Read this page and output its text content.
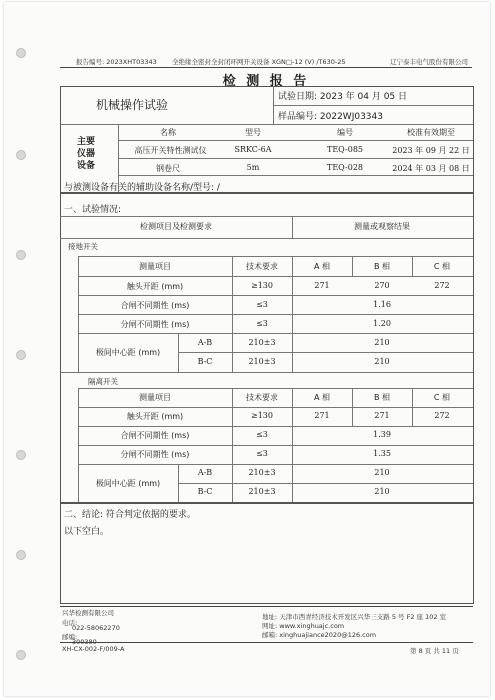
报告编号: 2023XHT03343 全绝缘全密封全封闭环网开关设备 XGN□-12 (V) /T630-25	辽宁泰丰电气股份有限公司
检 测 报 告
机械操作试验
试验日期: 2023 年 04 月 05 日
样品编号: 2022WJ03343
主要
仪器
设备
名称	型号	编号	校准有效期至
高压开关特性测试仪	SRKC-6A	TEQ-085	2023 年 09 月 22 日
钢卷尺	5m	TEQ-028	2024 年 03 月 08 日
与被测设备有关的辅助设备名称/型号: /
一、试验情况:
检测项目及检测要求	测量或观察结果
接地开关
测量项目	技术要求	A 相	B 相	C 相
触头开距 (mm)	≥130	271	270	272
合闸不同期性 (ms)	≤3	1.16
分闸不同期性 (ms)	≤3	1.20
极间中心距 (mm)
A-B	210±3	210
B-C	210±3	210
隔离开关
测量项目	技术要求	A 相	B 相	C 相
触头开距 (mm)	≥130	271	271	272
合闸不同期性 (ms)	≤3	1.39
分闸不同期性 (ms)	≤3	1.35
极间中心距 (mm)
A-B	210±3	210
B-C	210±3	210
二、结论: 符合判定依据的要求。
以下空白。
兴华检测有限公司
电话:
022-58062270
邮编:
300380
地址: 天津市西青经济技术开发区兴华三支路 5 号 F2 座 102 室
网址: www.xinghuajc.com
邮箱: xinghuajiance2020@126.com
XH-CX-002-F/009-A	第 8 页 共 11 页
